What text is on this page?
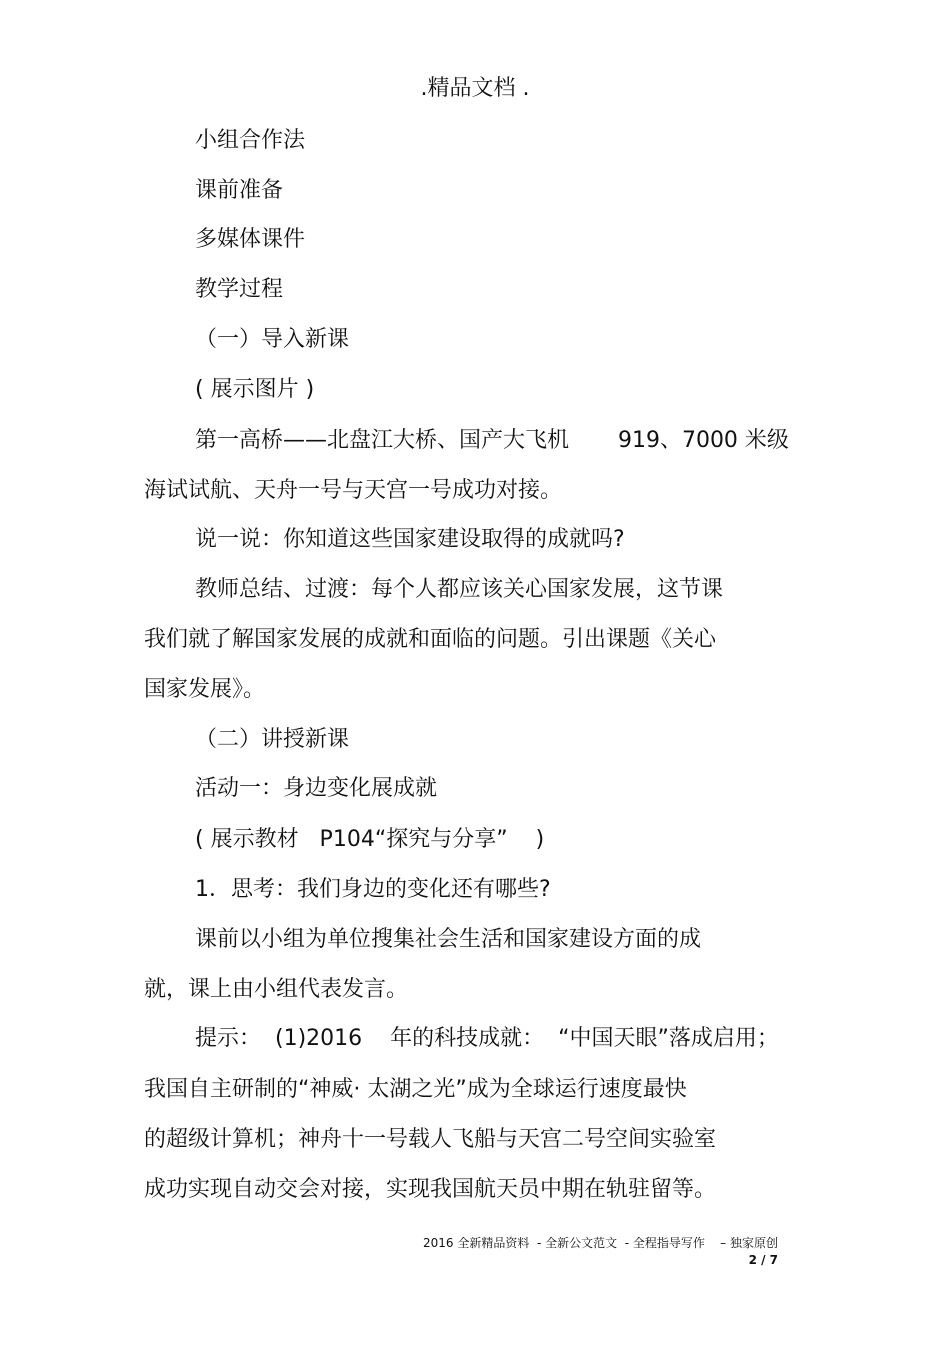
.精品文档 .
小组合作法
课前准备
多媒体课件
教学过程
（一）导入新课
( 展示图片 )
第一高桥——北盘江大桥、国产大飞机       919、7000 米级
海试试航、天舟一号与天宫一号成功对接。
说一说：你知道这些国家建设取得的成就吗?
教师总结、过渡：每个人都应该关心国家发展，这节课
我们就了解国家发展的成就和面临的问题。引出课题《关心
国家发展》。
（二）讲授新课
活动一：身边变化展成就
( 展示教材   P104“探究与分享”    )
1．思考：我们身边的变化还有哪些?
课前以小组为单位搜集社会生活和国家建设方面的成
就，课上由小组代表发言。
提示：  (1)2016    年的科技成就：  “中国天眼”落成启用；
我国自主研制的“神威· 太湖之光”成为全球运行速度最快
的超级计算机；神舟十一号载人飞船与天宫二号空间实验室
成功实现自动交会对接，实现我国航天员中期在轨驻留等。
2016 全新精品资料  - 全新公文范文  - 全程指导写作    – 独家原创
2 / 7
